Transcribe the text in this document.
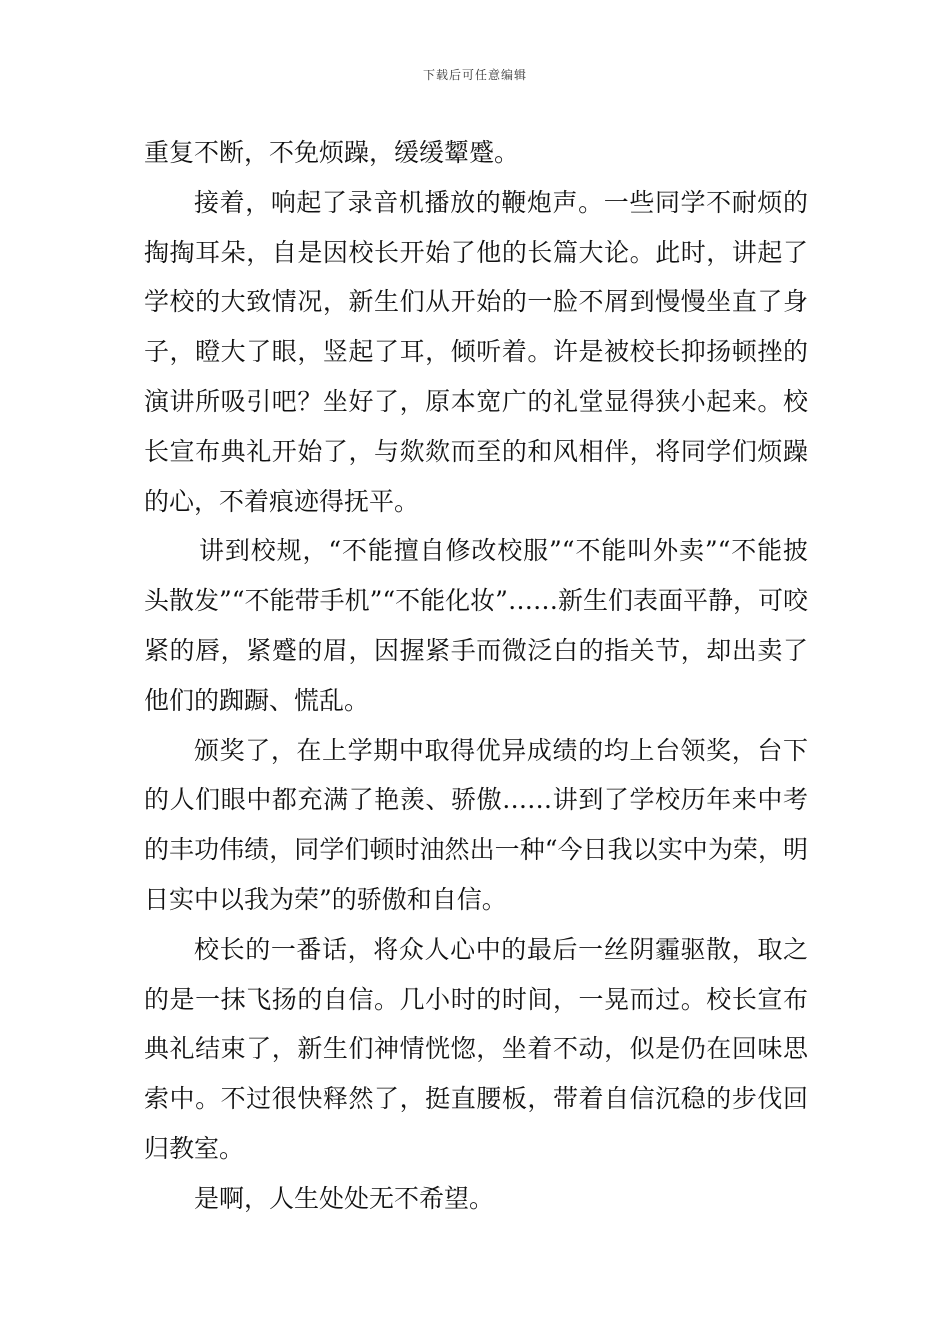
下载后可任意编辑

重复不断，不免烦躁，缓缓颦蹙。

接着，响起了录音机播放的鞭炮声。一些同学不耐烦的掏掏耳朵，自是因校长开始了他的长篇大论。此时，讲起了学校的大致情况，新生们从开始的一脸不屑到慢慢坐直了身子，瞪大了眼，竖起了耳，倾听着。许是被校长抑扬顿挫的演讲所吸引吧？坐好了，原本宽广的礼堂显得狭小起来。校长宣布典礼开始了，与欻欻而至的和风相伴，将同学们烦躁的心，不着痕迹得抚平。

讲到校规，“不能擅自修改校服”“不能叫外卖”“不能披头散发”“不能带手机”“不能化妆”……新生们表面平静，可咬紧的唇，紧蹙的眉，因握紧手而微泛白的指关节，却出卖了他们的踟蹰、慌乱。

颁奖了，在上学期中取得优异成绩的均上台领奖，台下的人们眼中都充满了艳羡、骄傲……讲到了学校历年来中考的丰功伟绩，同学们顿时油然出一种“今日我以实中为荣，明日实中以我为荣”的骄傲和自信。

校长的一番话，将众人心中的最后一丝阴霾驱散，取之的是一抹飞扬的自信。几小时的时间，一晃而过。校长宣布典礼结束了，新生们神情恍惚，坐着不动，似是仍在回味思索中。不过很快释然了，挺直腰板，带着自信沉稳的步伐回归教室。

是啊，人生处处无不希望。
